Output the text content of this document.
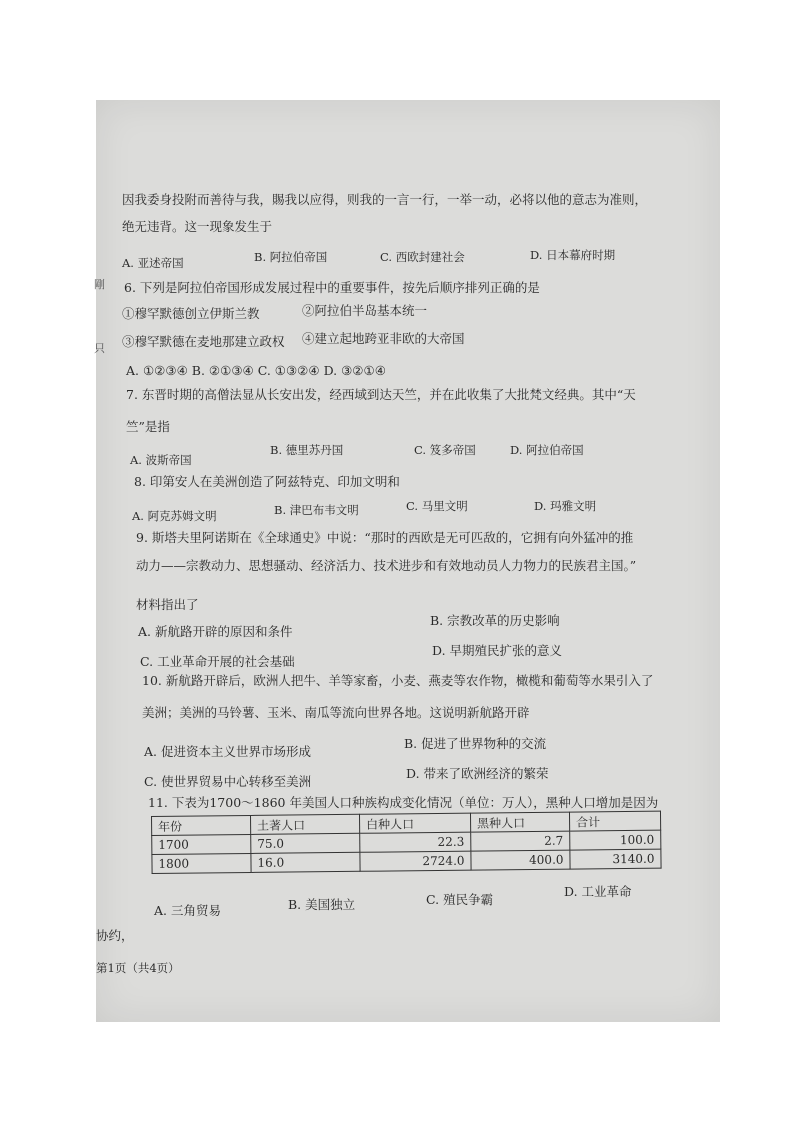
剛
只
因我委身投附而善待与我，賜我以应得，则我的一言一行，一举一动，必将以他的意志为准则，
绝无违背。这一现象发生于
A. 亚述帝国	B. 阿拉伯帝国	C. 西欧封建社会	D. 日本幕府时期
6. 下列是阿拉伯帝国形成发展过程中的重要事件，按先后顺序排列正确的是
①穆罕默德创立伊斯兰教	②阿拉伯半岛基本统一
③穆罕默德在麦地那建立政权 ④建立起地跨亚非欧的大帝国
A. ①②③④ B. ②①③④ C. ①③②④ D. ③②①④
7. 东晋时期的高僧法显从长安出发，经西域到达天竺，并在此收集了大批梵文经典。其中“天
竺”是指
A. 波斯帝国
B. 德里苏丹国	C. 笈多帝国	D. 阿拉伯帝国
8. 印第安人在美洲创造了阿兹特克、印加文明和
A. 阿克苏姆文明	B. 津巴布韦文明	C. 马里文明	D. 玛雅文明
9. 斯塔夫里阿诺斯在《全球通史》中说：“那时的西欧是无可匹敌的，它拥有向外猛冲的推
动力——宗教动力、思想骚动、经济活力、技术进步和有效地动员人力物力的民族君主国。”
材料指出了
A. 新航路开辟的原因和条件
B. 宗教改革的历史影响
C. 工业革命开展的社会基础
D. 早期殖民扩张的意义
10. 新航路开辟后，欧洲人把牛、羊等家畜，小麦、燕麦等农作物，橄榄和葡萄等水果引入了
美洲；美洲的马铃薯、玉米、南瓜等流向世界各地。这说明新航路开辟
A. 促进资本主义世界市场形成
B. 促进了世界物种的交流
C. 使世界贸易中心转移至美洲
D. 带来了欧洲经济的繁荣
11. 下表为1700～1860 年美国人口种族构成变化情况（单位：万人），黑种人口增加是因为
年份	土著人口	白种人口	黑种人口	合计
1700	75.0	22.3	2.7	100.0
1800	16.0	2724.0	400.0	3140.0
A. 三角贸易	B. 美国独立	C. 殖民争霸
D. 工业革命
协约，
第1页（共4页）
